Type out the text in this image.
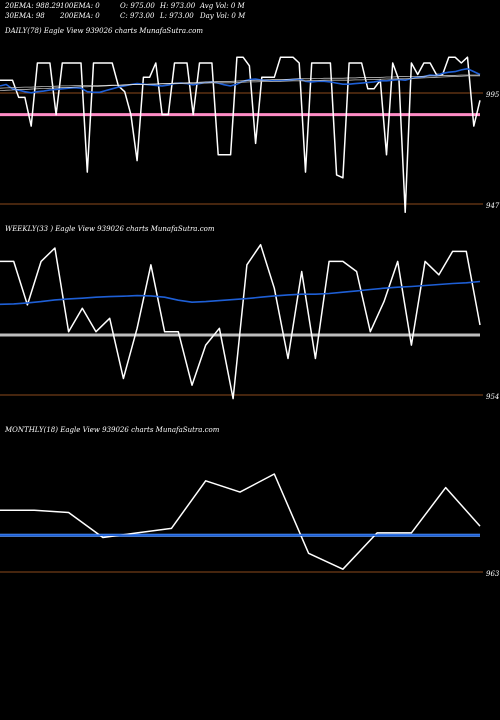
20EMA: 988.29
30EMA: 98
100EMA: 0
200EMA: 0
O: 975.00
C: 973.00
H: 973.00
L: 973.00
Avg Vol: 0 M
Day Vol: 0 M
DAILY(78) Eagle View 939026 charts MunafaSutra.com
WEEKLY(33 ) Eagle View 939026 charts MunafaSutra.com
MONTHLY(18) Eagle View 939026 charts MunafaSutra.com
995
947
954
963
